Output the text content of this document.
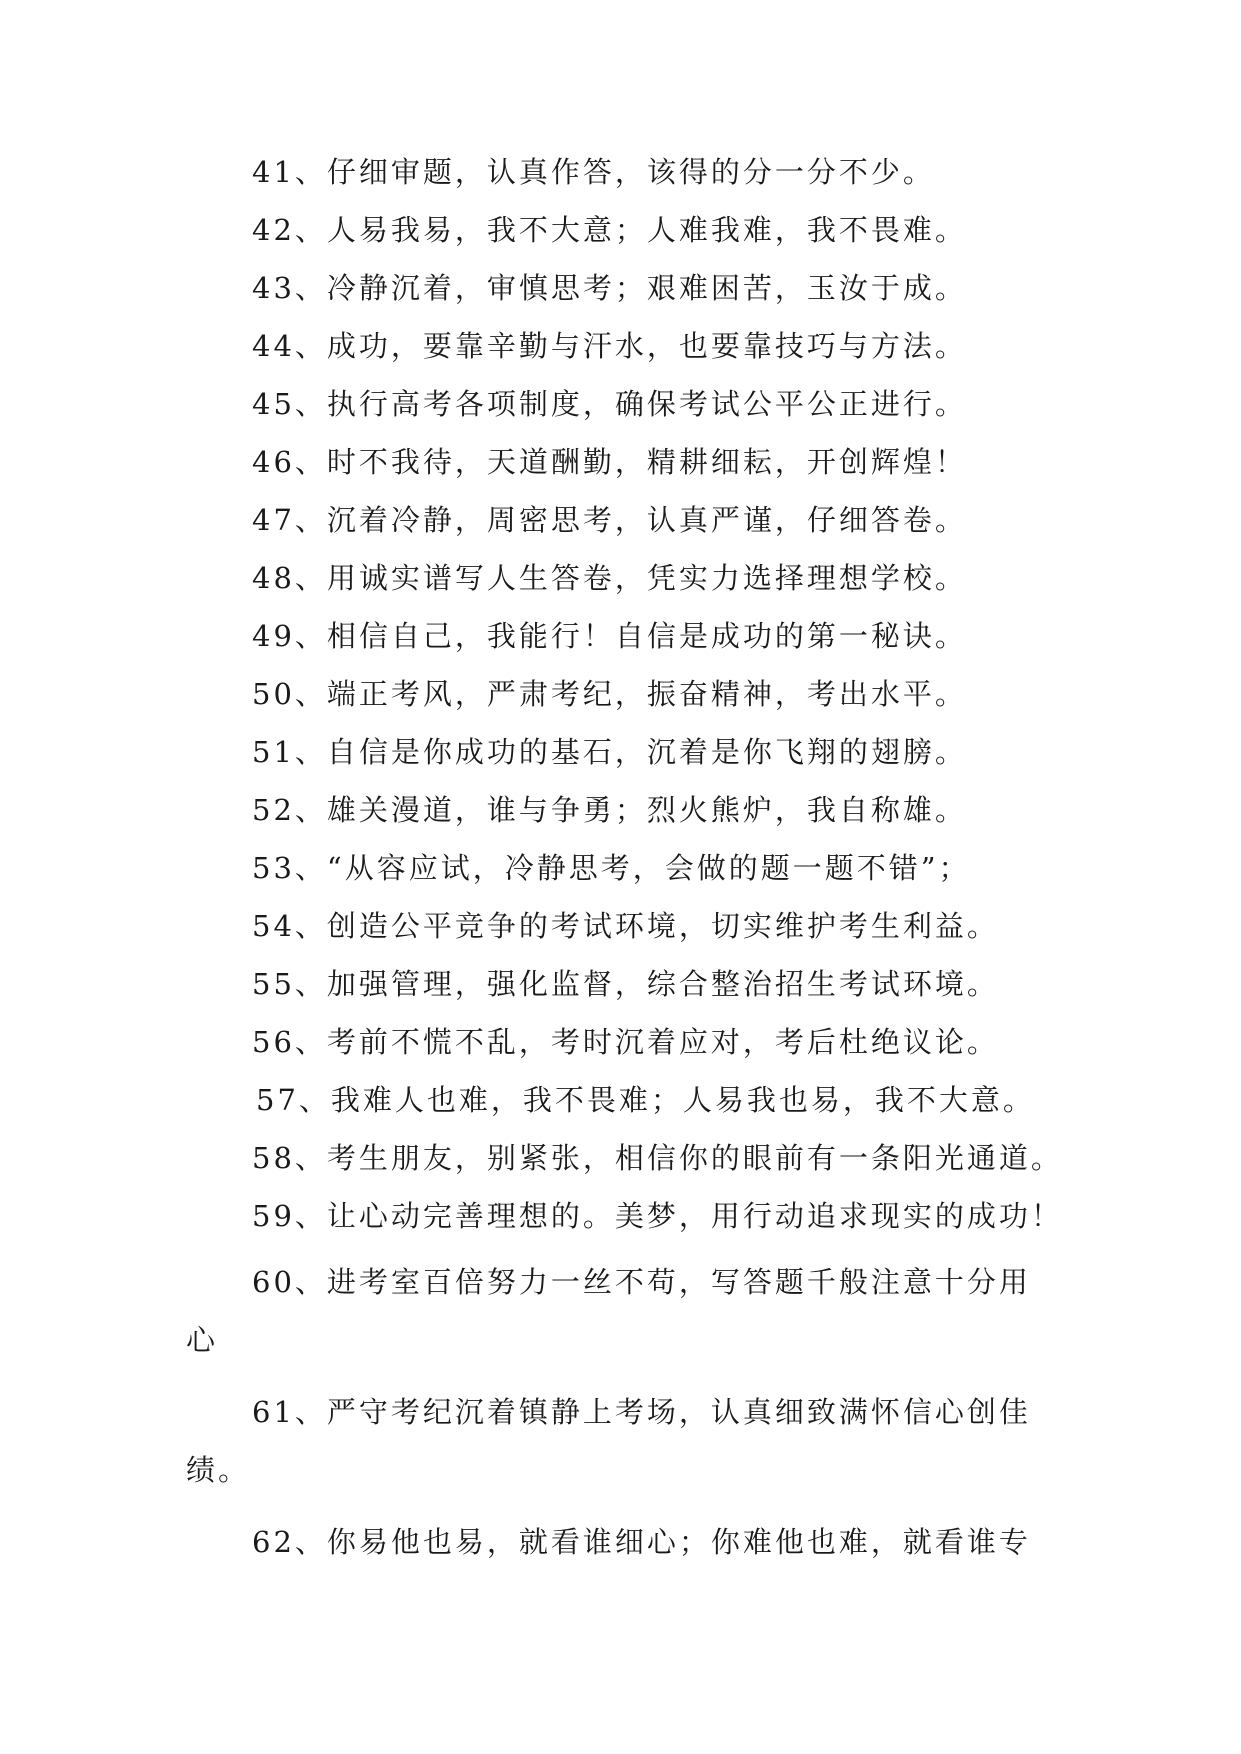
41、仔细审题，认真作答，该得的分一分不少。
42、人易我易，我不大意；人难我难，我不畏难。
43、冷静沉着，审慎思考；艰难困苦，玉汝于成。
44、成功，要靠辛勤与汗水，也要靠技巧与方法。
45、执行高考各项制度，确保考试公平公正进行。
46、时不我待，天道酬勤，精耕细耘，开创辉煌！
47、沉着冷静，周密思考，认真严谨，仔细答卷。
48、用诚实谱写人生答卷，凭实力选择理想学校。
49、相信自己，我能行！自信是成功的第一秘诀。
50、端正考风，严肃考纪，振奋精神，考出水平。
51、自信是你成功的基石，沉着是你飞翔的翅膀。
52、雄关漫道，谁与争勇；烈火熊炉，我自称雄。
53、“从容应试，冷静思考，会做的题一题不错”；
54、创造公平竞争的考试环境，切实维护考生利益。
55、加强管理，强化监督，综合整治招生考试环境。
56、考前不慌不乱，考时沉着应对，考后杜绝议论。
57、我难人也难，我不畏难；人易我也易，我不大意。
58、考生朋友，别紧张，相信你的眼前有一条阳光通道。
59、让心动完善理想的。美梦，用行动追求现实的成功！
60、进考室百倍努力一丝不苟，写答题千般注意十分用
心
61、严守考纪沉着镇静上考场，认真细致满怀信心创佳
绩。
62、你易他也易，就看谁细心；你难他也难，就看谁专
